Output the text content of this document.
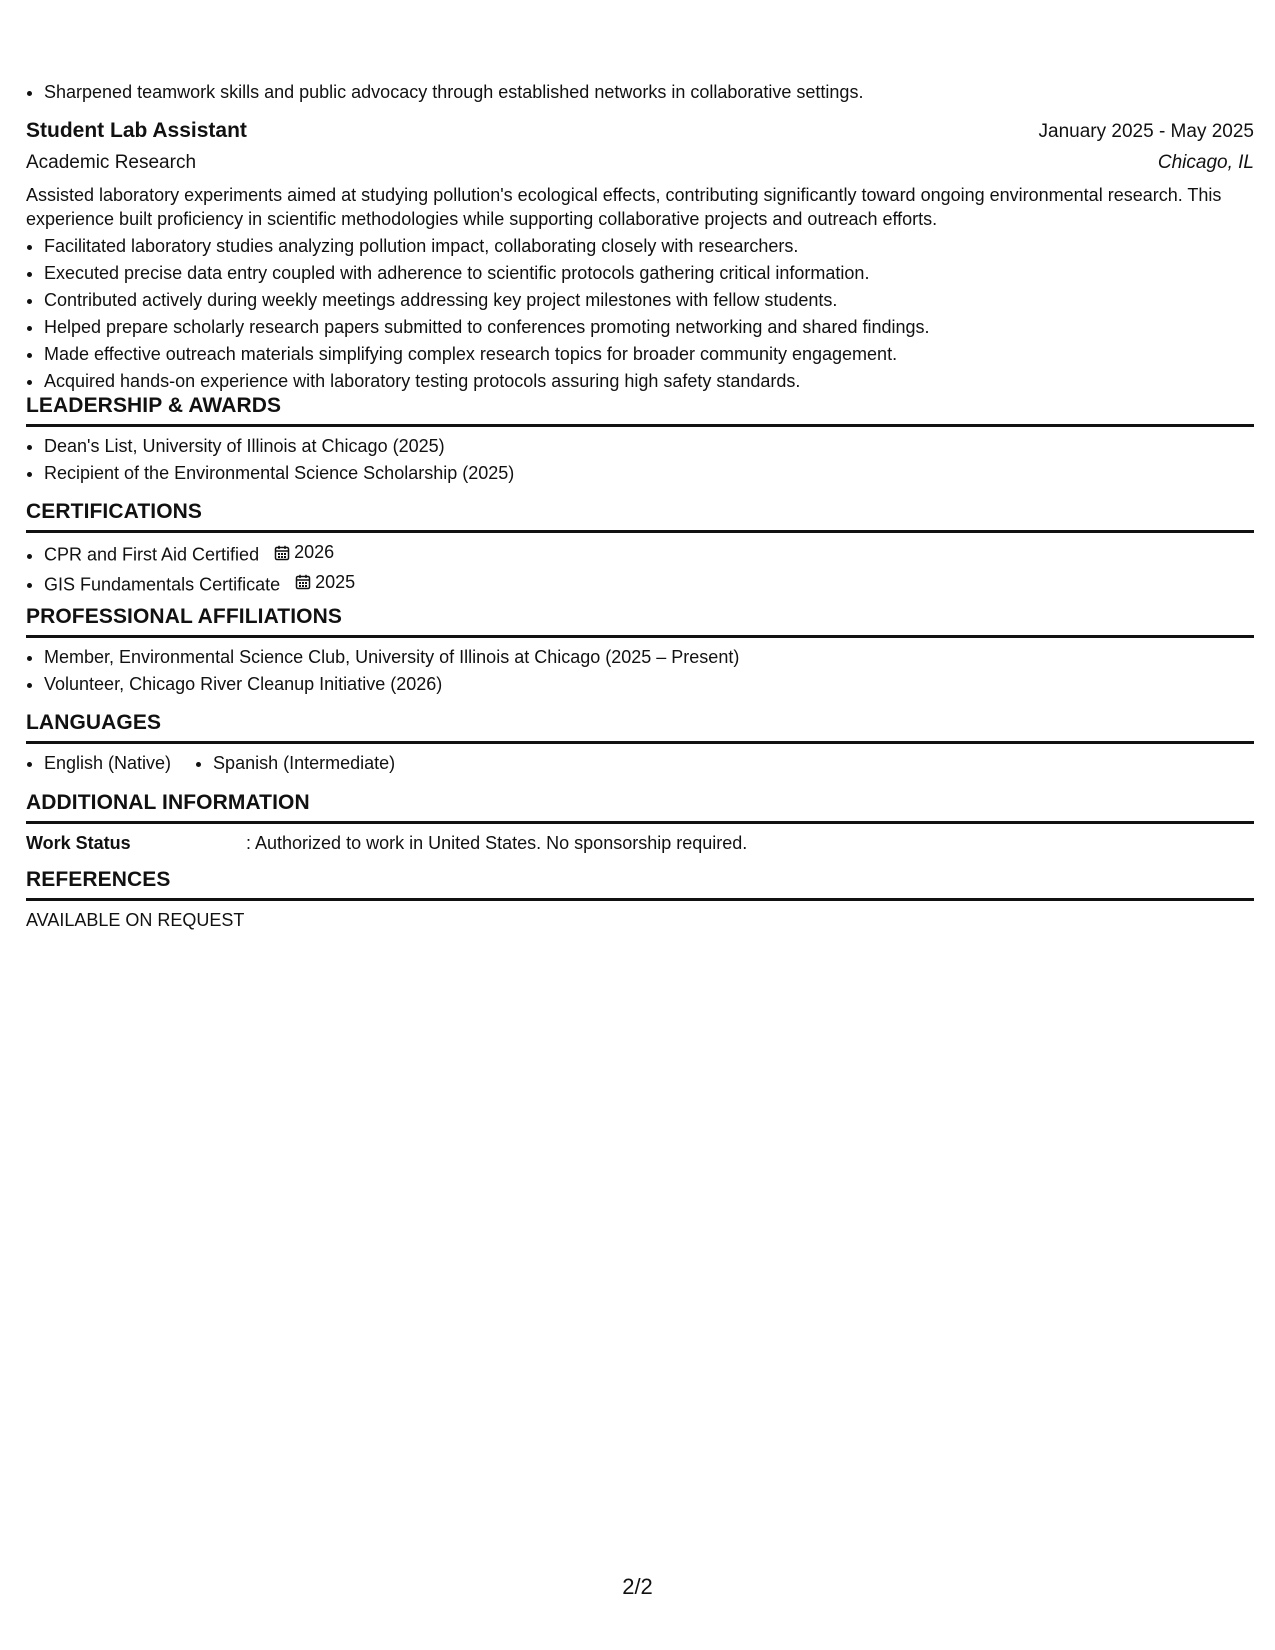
• Sharpened teamwork skills and public advocacy through established networks in collaborative settings.
Student Lab Assistant	January 2025 - May 2025
Academic Research	Chicago, IL
Assisted laboratory experiments aimed at studying pollution's ecological effects, contributing significantly toward ongoing environmental research. This experience built proficiency in scientific methodologies while supporting collaborative projects and outreach efforts.
• Facilitated laboratory studies analyzing pollution impact, collaborating closely with researchers.
• Executed precise data entry coupled with adherence to scientific protocols gathering critical information.
• Contributed actively during weekly meetings addressing key project milestones with fellow students.
• Helped prepare scholarly research papers submitted to conferences promoting networking and shared findings.
• Made effective outreach materials simplifying complex research topics for broader community engagement.
• Acquired hands-on experience with laboratory testing protocols assuring high safety standards.
LEADERSHIP & AWARDS
• Dean's List, University of Illinois at Chicago (2025)
• Recipient of the Environmental Science Scholarship (2025)
CERTIFICATIONS
• CPR and First Aid Certified 2026
• GIS Fundamentals Certificate 2025
PROFESSIONAL AFFILIATIONS
• Member, Environmental Science Club, University of Illinois at Chicago (2025 – Present)
• Volunteer, Chicago River Cleanup Initiative (2026)
LANGUAGES
• English (Native)
• Spanish (Intermediate)
ADDITIONAL INFORMATION
Work Status	: Authorized to work in United States. No sponsorship required.
REFERENCES
AVAILABLE ON REQUEST
2/2
